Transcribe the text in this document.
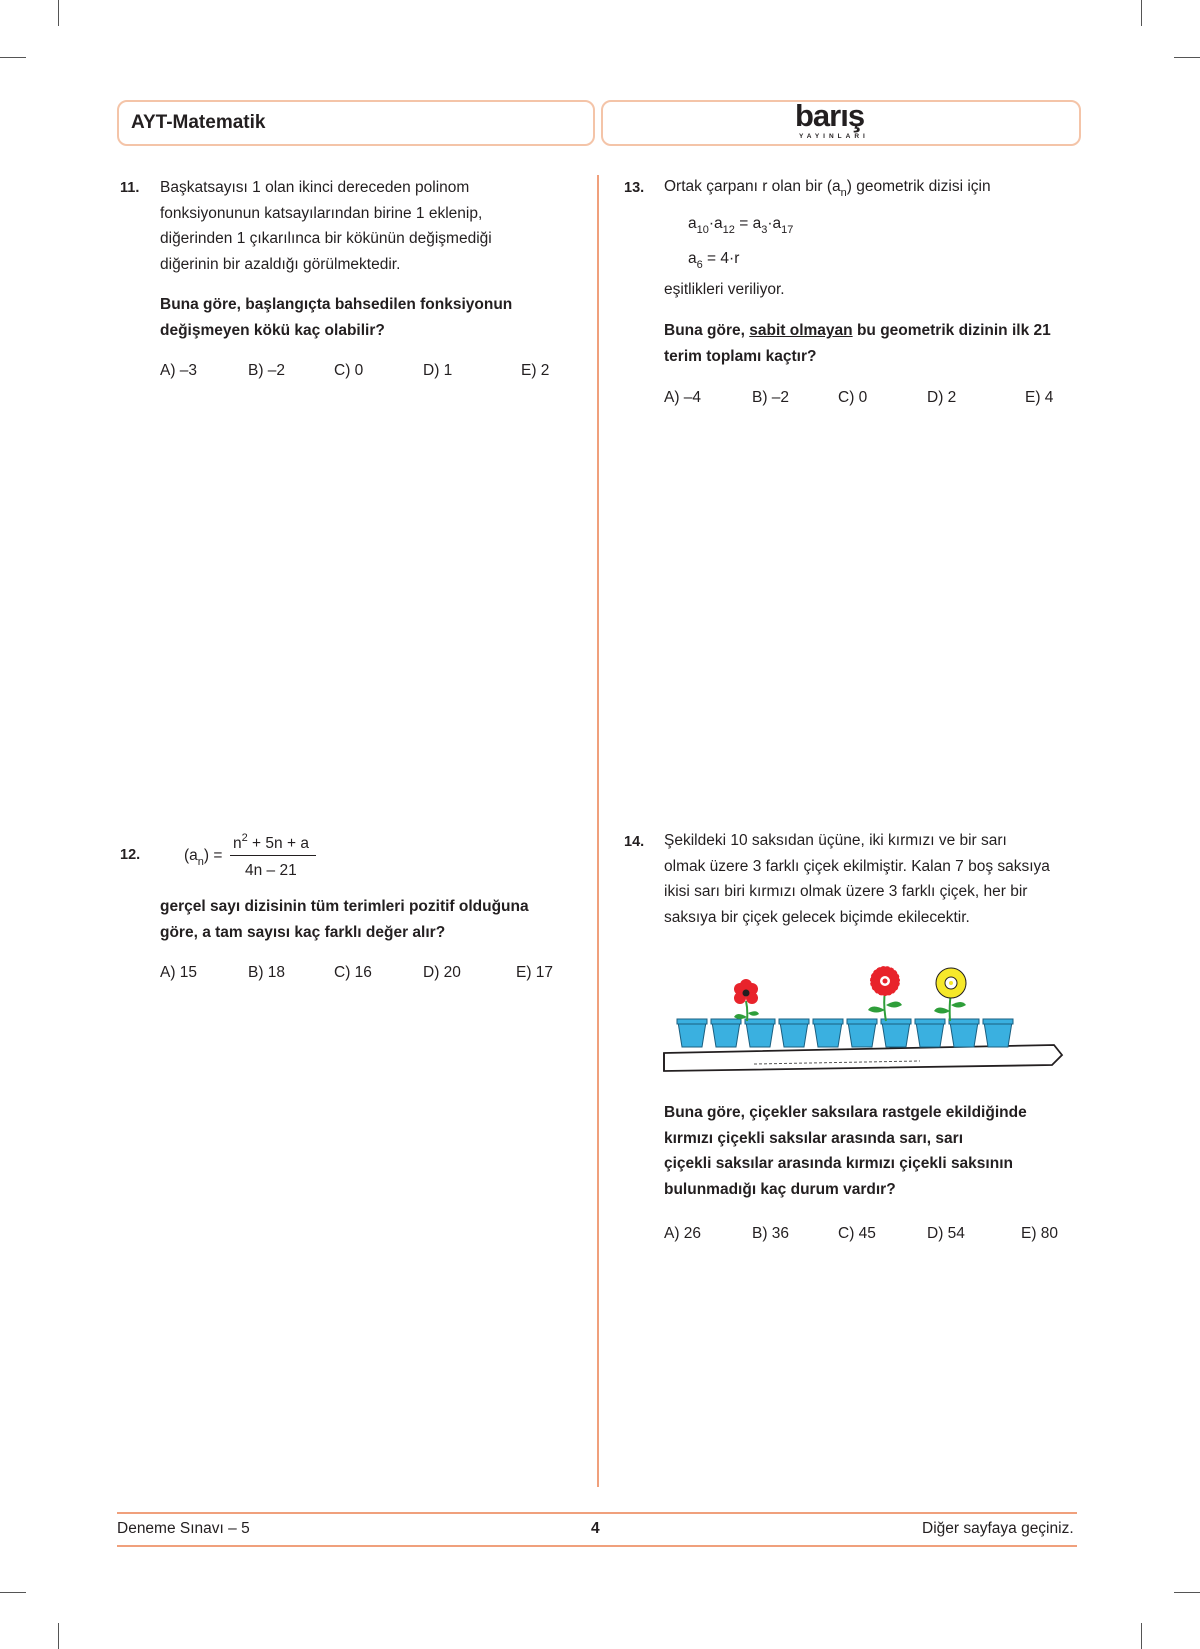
AYT-Matematik	barış
YAYINLARI
11. Başkatsayısı 1 olan ikinci dereceden polinom
fonksiyonunun katsayılarından birine 1 eklenip,
diğerinden 1 çıkarılınca bir kökünün değişmediği
diğerinin bir azaldığı görülmektedir.
Buna göre, başlangıçta bahsedilen fonksiyonun
değişmeyen kökü kaç olabilir?
A) –3	B) –2	C) 0	D) 1	E) 2
12.	$(a_n)$ =
$n^2 + 5n + a$
4n – 21
gerçel sayı dizisinin tüm terimleri pozitif olduğuna
göre, a tam sayısı kaç farklı değer alır?
A) 15	B) 18	C) 16	D) 20	E) 17
13. Ortak çarpanı r olan bir $(a_n)$ geometrik dizisi için
$a_{10}\cdot a_{12} = a_3\cdot a_{17}$
$a_6 = 4\cdot r$
eşitlikleri veriliyor.
Buna göre, sabit olmayan bu geometrik dizinin ilk 21
terim toplamı kaçtır?
A) –4	B) –2	C) 0	D) 2	E) 4
14. Şekildeki 10 saksıdan üçüne, iki kırmızı ve bir sarı
olmak üzere 3 farklı çiçek ekilmiştir. Kalan 7 boş saksıya
ikisi sarı biri kırmızı olmak üzere 3 farklı çiçek, her bir
saksıya bir çiçek gelecek biçimde ekilecektir.
Buna göre, çiçekler saksılara rastgele ekildiğinde
kırmızı çiçekli saksılar arasında sarı, sarı
çiçekli saksılar arasında kırmızı çiçekli saksının
bulunmadığı kaç durum vardır?
A) 26	B) 36	C) 45	D) 54	E) 80
Deneme Sınavı – 5	4	Diğer sayfaya geçiniz.
